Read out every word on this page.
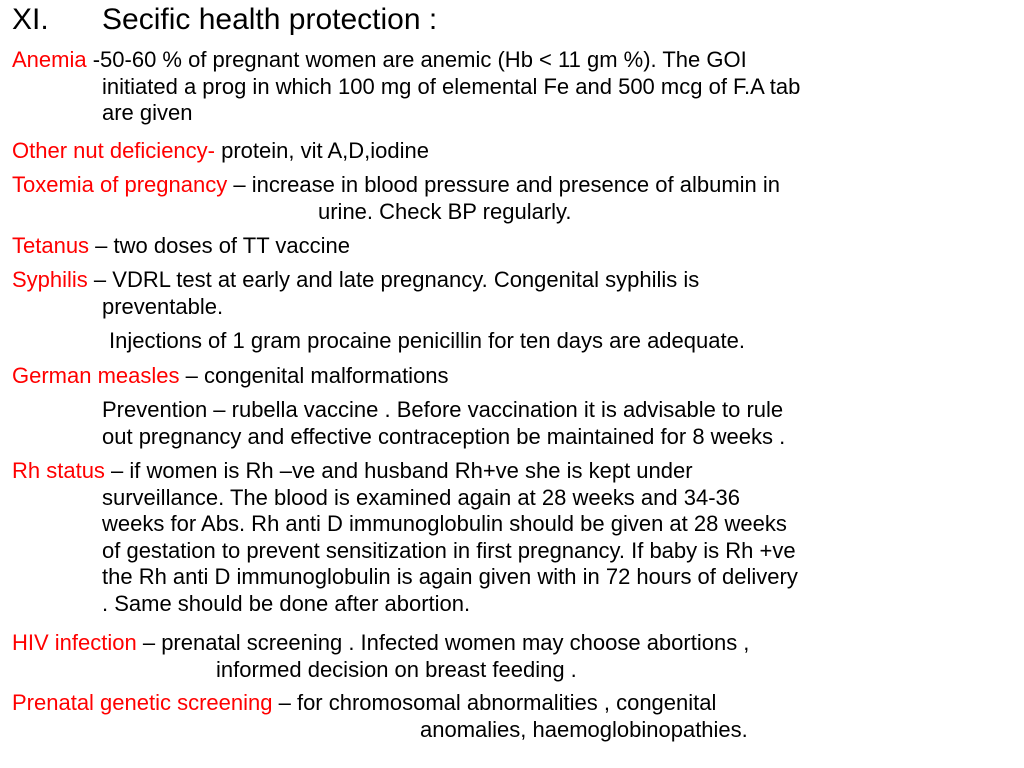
XI. Secific health protection :
Anemia -50-60 % of pregnant women are anemic (Hb < 11 gm %). The GOI
initiated a prog in which 100 mg of elemental Fe and 500 mcg of F.A tab
are given
Other nut deficiency- protein, vit A,D,iodine
Toxemia of pregnancy – increase in blood pressure and presence of albumin in
urine. Check BP regularly.
Tetanus – two doses of TT vaccine
Syphilis – VDRL test at early and late pregnancy. Congenital syphilis is
preventable.
Injections of 1 gram procaine penicillin for ten days are adequate.
German measles – congenital malformations
Prevention – rubella vaccine . Before vaccination it is advisable to rule
out pregnancy and effective contraception be maintained for 8 weeks .
Rh status – if women is Rh –ve and husband Rh+ve she is kept under
surveillance. The blood is examined again at 28 weeks and 34-36
weeks for Abs. Rh anti D immunoglobulin should be given at 28 weeks
of gestation to prevent sensitization in first pregnancy. If baby is Rh +ve
the Rh anti D immunoglobulin is again given with in 72 hours of delivery
. Same should be done after abortion.
HIV infection – prenatal screening . Infected women may choose abortions ,
informed decision on breast feeding .
Prenatal genetic screening – for chromosomal abnormalities , congenital
anomalies, haemoglobinopathies.
